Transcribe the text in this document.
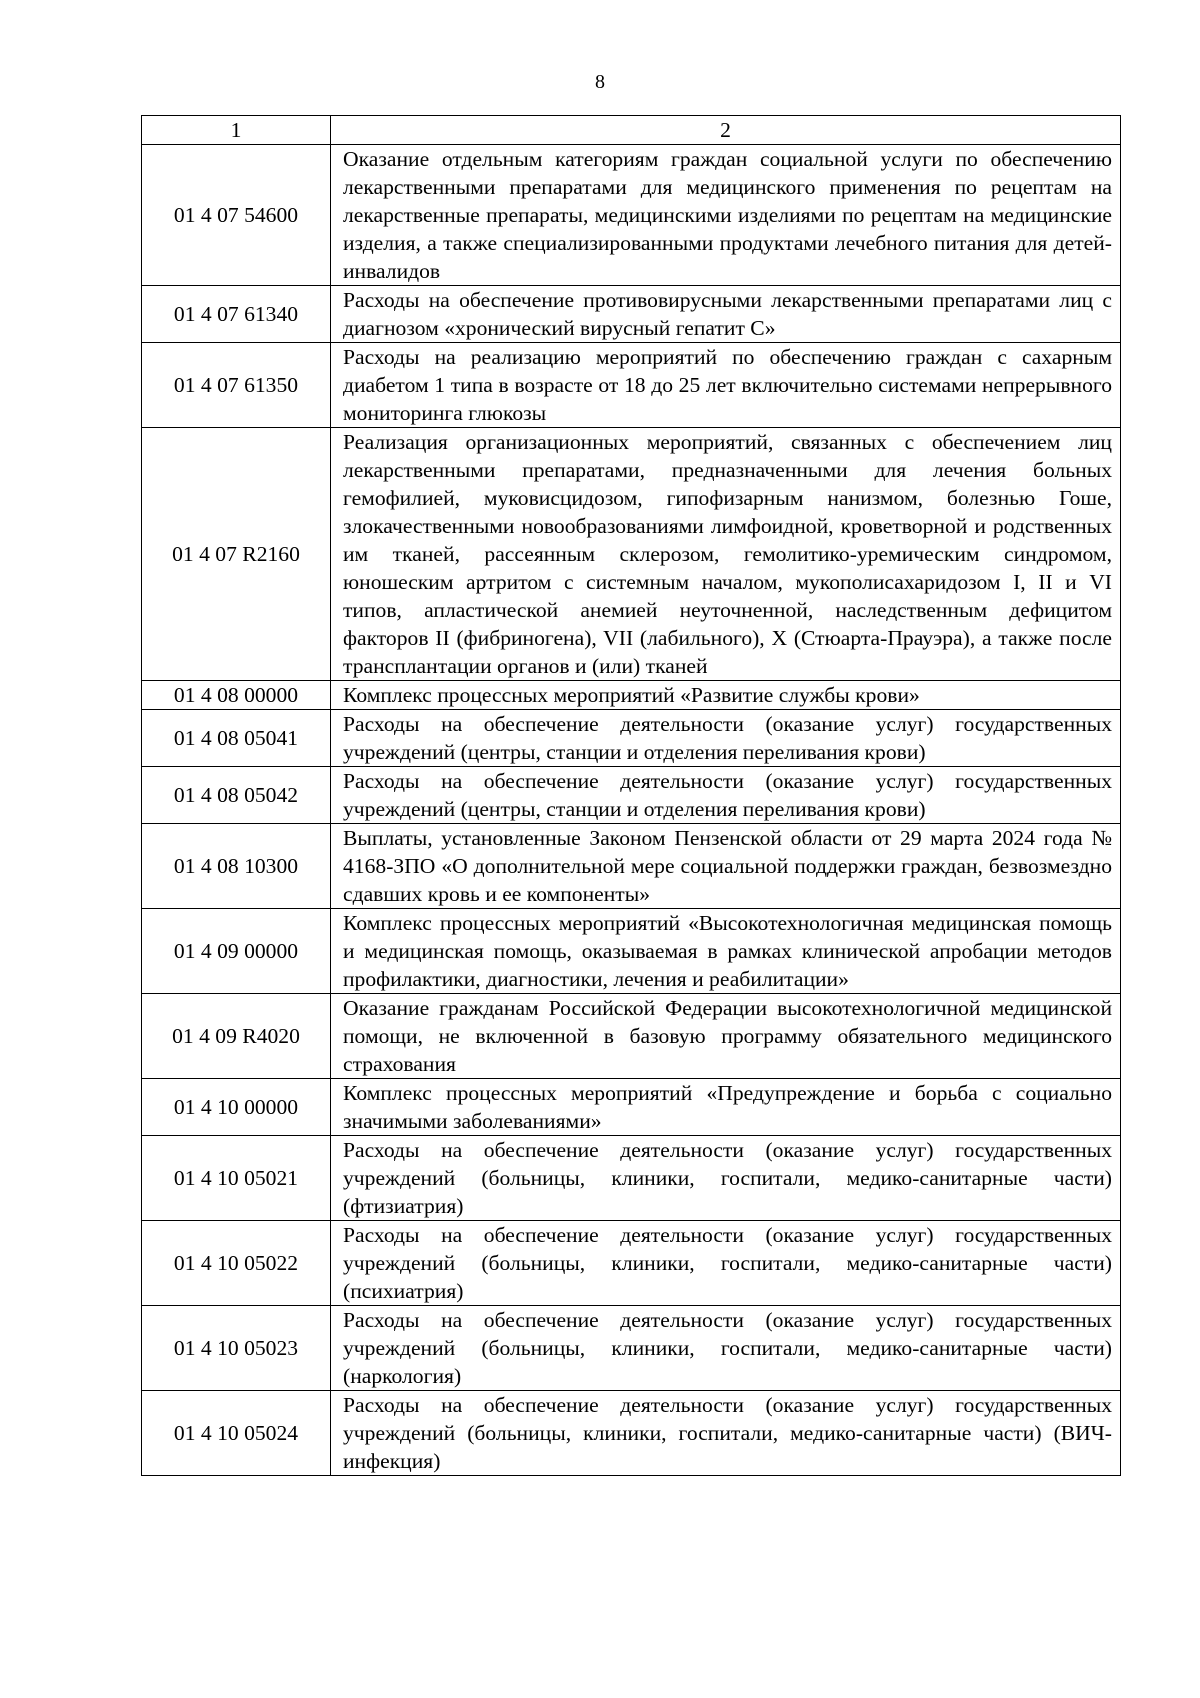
8
1	2
01 4 07 54600	Оказание отдельным категориям граждан социальной услуги по обеспечению лекарственными препаратами для медицинского применения по рецептам на лекарственные препараты, медицинскими изделиями по рецептам на медицинские изделия, а также специализированными продуктами лечебного питания для детей-инвалидов
01 4 07 61340	Расходы на обеспечение противовирусными лекарственными препаратами лиц с диагнозом «хронический вирусный гепатит С»
01 4 07 61350	Расходы на реализацию мероприятий по обеспечению граждан с сахарным диабетом 1 типа в возрасте от 18 до 25 лет включительно системами непрерывного мониторинга глюкозы
01 4 07 R2160	Реализация организационных мероприятий, связанных с обеспечением лиц лекарственными препаратами, предназначенными для лечения больных гемофилией, муковисцидозом, гипофизарным нанизмом, болезнью Гоше, злокачественными новообразованиями лимфоидной, кроветворной и родственных им тканей, рассеянным склерозом, гемолитико-уремическим синдромом, юношеским артритом с системным началом, мукополисахаридозом I, II и VI типов, апластической анемией неуточненной, наследственным дефицитом факторов II (фибриногена), VII (лабильного), X (Стюарта-Прауэра), а также после трансплантации органов и (или) тканей
01 4 08 00000	Комплекс процессных мероприятий «Развитие службы крови»
01 4 08 05041	Расходы на обеспечение деятельности (оказание услуг) государственных учреждений (центры, станции и отделения переливания крови)
01 4 08 05042	Расходы на обеспечение деятельности (оказание услуг) государственных учреждений (центры, станции и отделения переливания крови)
01 4 08 10300	Выплаты, установленные Законом Пензенской области от 29 марта 2024 года № 4168-ЗПО «О дополнительной мере социальной поддержки граждан, безвозмездно сдавших кровь и ее компоненты»
01 4 09 00000	Комплекс процессных мероприятий «Высокотехнологичная медицинская помощь и медицинская помощь, оказываемая в рамках клинической апробации методов профилактики, диагностики, лечения и реабилитации»
01 4 09 R4020	Оказание гражданам Российской Федерации высокотехнологичной медицинской помощи, не включенной в базовую программу обязательного медицинского страхования
01 4 10 00000	Комплекс процессных мероприятий «Предупреждение и борьба с социально значимыми заболеваниями»
01 4 10 05021	Расходы на обеспечение деятельности (оказание услуг) государственных учреждений (больницы, клиники, госпитали, медико-санитарные части) (фтизиатрия)
01 4 10 05022	Расходы на обеспечение деятельности (оказание услуг) государственных учреждений (больницы, клиники, госпитали, медико-санитарные части) (психиатрия)
01 4 10 05023	Расходы на обеспечение деятельности (оказание услуг) государственных учреждений (больницы, клиники, госпитали, медико-санитарные части) (наркология)
01 4 10 05024	Расходы на обеспечение деятельности (оказание услуг) государственных учреждений (больницы, клиники, госпитали, медико-санитарные части) (ВИЧ-инфекция)
